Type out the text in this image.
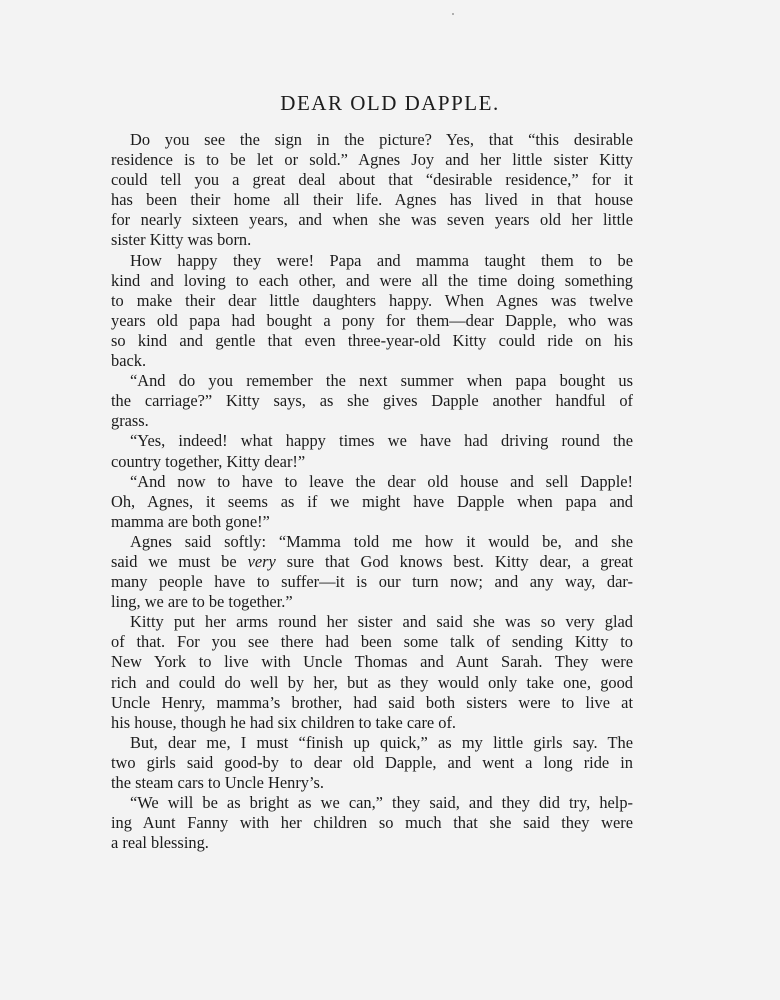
DEAR OLD DAPPLE.
Do you see the sign in the picture? Yes, that “this desirable
residence is to be let or sold.” Agnes Joy and her little sister Kitty
could tell you a great deal about that “desirable residence,” for it
has been their home all their life. Agnes has lived in that house
for nearly sixteen years, and when she was seven years old her little
sister Kitty was born.
How happy they were! Papa and mamma taught them to be
kind and loving to each other, and were all the time doing something
to make their dear little daughters happy. When Agnes was twelve
years old papa had bought a pony for them—dear Dapple, who was
so kind and gentle that even three-year-old Kitty could ride on his
back.
“And do you remember the next summer when papa bought us
the carriage?” Kitty says, as she gives Dapple another handful of
grass.
“Yes, indeed! what happy times we have had driving round the
country together, Kitty dear!”
“And now to have to leave the dear old house and sell Dapple!
Oh, Agnes, it seems as if we might have Dapple when papa and
mamma are both gone!”
Agnes said softly: “Mamma told me how it would be, and she
said we must be very sure that God knows best. Kitty dear, a great
many people have to suffer—it is our turn now; and any way, dar-
ling, we are to be together.”
Kitty put her arms round her sister and said she was so very glad
of that. For you see there had been some talk of sending Kitty to
New York to live with Uncle Thomas and Aunt Sarah. They were
rich and could do well by her, but as they would only take one, good
Uncle Henry, mamma’s brother, had said both sisters were to live at
his house, though he had six children to take care of.
But, dear me, I must “finish up quick,” as my little girls say. The
two girls said good-by to dear old Dapple, and went a long ride in
the steam cars to Uncle Henry’s.
“We will be as bright as we can,” they said, and they did try, help-
ing Aunt Fanny with her children so much that she said they were
a real blessing.
